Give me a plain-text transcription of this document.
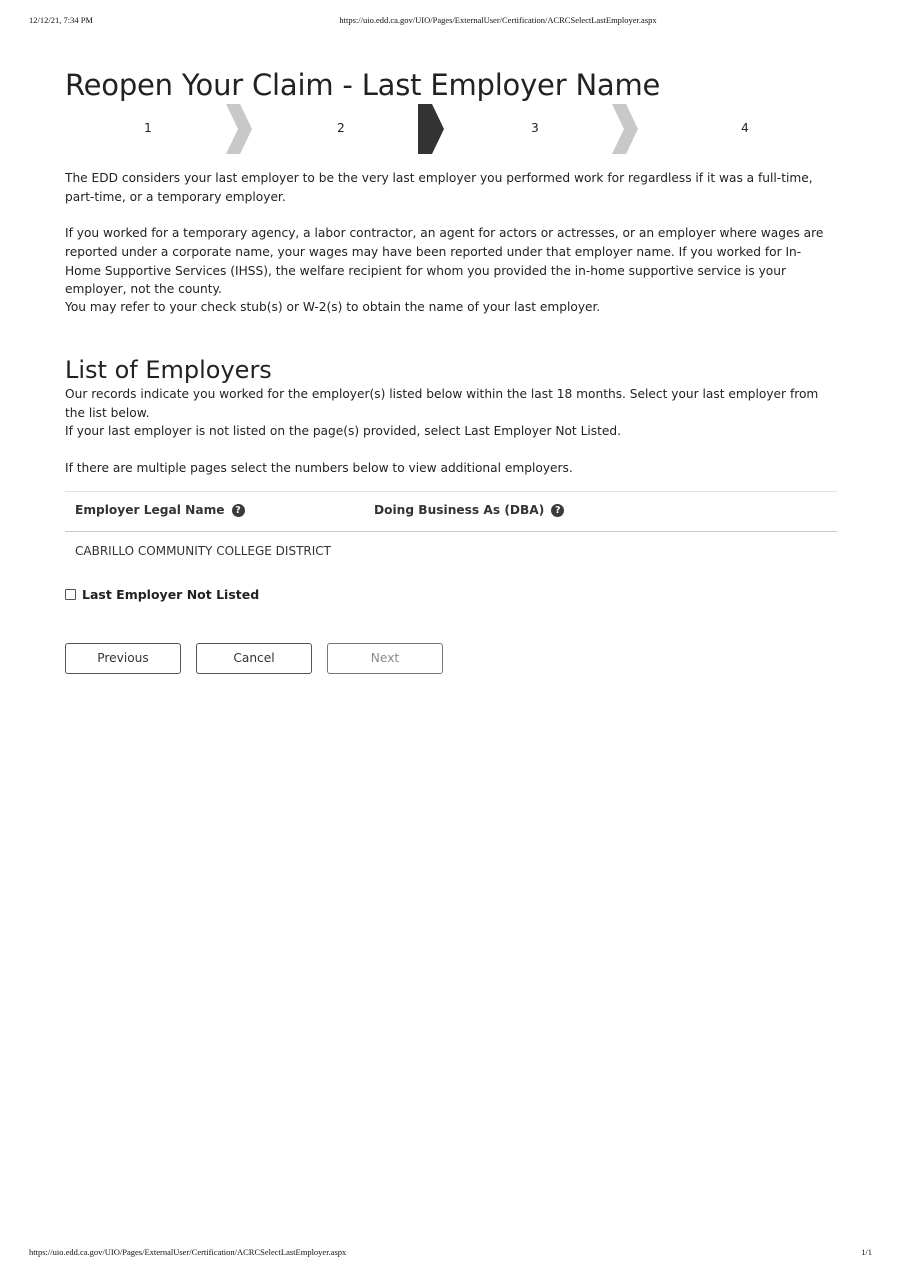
12/12/21, 7:34 PM	https://uio.edd.ca.gov/UIO/Pages/ExternalUser/Certification/ACRCSelectLastEmployer.aspx
Reopen Your Claim - Last Employer Name
1	2	3	4

The EDD considers your last employer to be the very last employer you performed work for regardless if it was a full-time, part-time, or a temporary employer.

If you worked for a temporary agency, a labor contractor, an agent for actors or actresses, or an employer where wages are reported under a corporate name, your wages may have been reported under that employer name. If you worked for In-Home Supportive Services (IHSS), the welfare recipient for whom you provided the in-home supportive service is your employer, not the county.

You may refer to your check stub(s) or W-2(s) to obtain the name of your last employer.

List of Employers

Our records indicate you worked for the employer(s) listed below within the last 18 months. Select your last employer from the list below.

If your last employer is not listed on the page(s) provided, select Last Employer Not Listed.

If there are multiple pages select the numbers below to view additional employers.

Employer Legal Name ?	Doing Business As (DBA) ?
CABRILLO COMMUNITY COLLEGE DISTRICT
Last Employer Not Listed
Previous	Cancel	Next
https://uio.edd.ca.gov/UIO/Pages/ExternalUser/Certification/ACRCSelectLastEmployer.aspx	1/1
